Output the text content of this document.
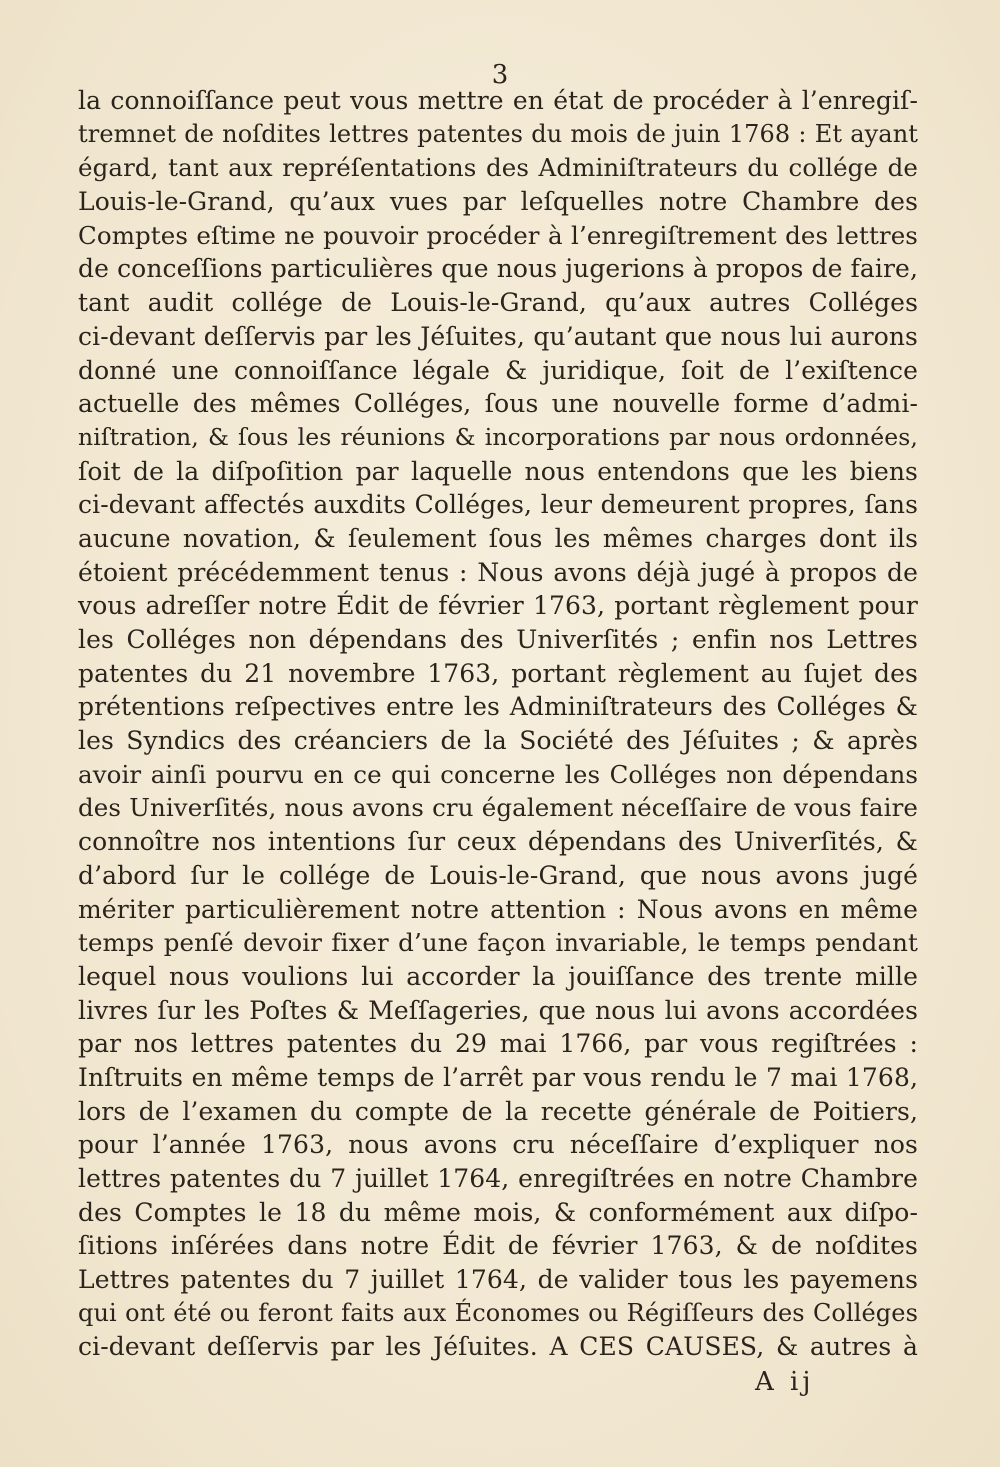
3
la connoiſſance peut vous mettre en état de procéder à l’enregiſ-
tremnet de noſdites lettres patentes du mois de juin 1768 : Et ayant
égard, tant aux repréſentations des Adminiſtrateurs du collége de
Louis-le-Grand, qu’aux vues par leſquelles notre Chambre des
Comptes eſtime ne pouvoir procéder à l’enregiſtrement des lettres
de conceſſions particulières que nous jugerions à propos de faire,
tant audit collége de Louis-le-Grand, qu’aux autres Colléges
ci-devant deſſervis par les Jéſuites, qu’autant que nous lui aurons
donné une connoiſſance légale & juridique, ſoit de l’exiſtence
actuelle des mêmes Colléges, ſous une nouvelle forme d’admi-
niſtration, & ſous les réunions & incorporations par nous ordonnées,
ſoit de la diſpoſition par laquelle nous entendons que les biens
ci-devant affectés auxdits Colléges, leur demeurent propres, ſans
aucune novation, & ſeulement ſous les mêmes charges dont ils
étoient précédemment tenus : Nous avons déjà jugé à propos de
vous adreſſer notre Édit de février 1763, portant règlement pour
les Colléges non dépendans des Univerſités ; enfin nos Lettres
patentes du 21 novembre 1763, portant règlement au ſujet des
prétentions reſpectives entre les Adminiſtrateurs des Colléges &
les Syndics des créanciers de la Société des Jéſuites ; & après
avoir ainſi pourvu en ce qui concerne les Colléges non dépendans
des Univerſités, nous avons cru également néceſſaire de vous faire
connoître nos intentions ſur ceux dépendans des Univerſités, &
d’abord ſur le collége de Louis-le-Grand, que nous avons jugé
mériter particulièrement notre attention : Nous avons en même
temps penſé devoir fixer d’une façon invariable, le temps pendant
lequel nous voulions lui accorder la jouiſſance des trente mille
livres ſur les Poſtes & Meſſageries, que nous lui avons accordées
par nos lettres patentes du 29 mai 1766, par vous regiſtrées :
Inſtruits en même temps de l’arrêt par vous rendu le 7 mai 1768,
lors de l’examen du compte de la recette générale de Poitiers,
pour l’année 1763, nous avons cru néceſſaire d’expliquer nos
lettres patentes du 7 juillet 1764, enregiſtrées en notre Chambre
des Comptes le 18 du même mois, & conformément aux diſpo-
ſitions inſérées dans notre Édit de février 1763, & de noſdites
Lettres patentes du 7 juillet 1764, de valider tous les payemens
qui ont été ou feront faits aux Économes ou Régiſſeurs des Colléges
ci-devant deſſervis par les Jéſuites. A CES CAUSES, & autres à
A ij
